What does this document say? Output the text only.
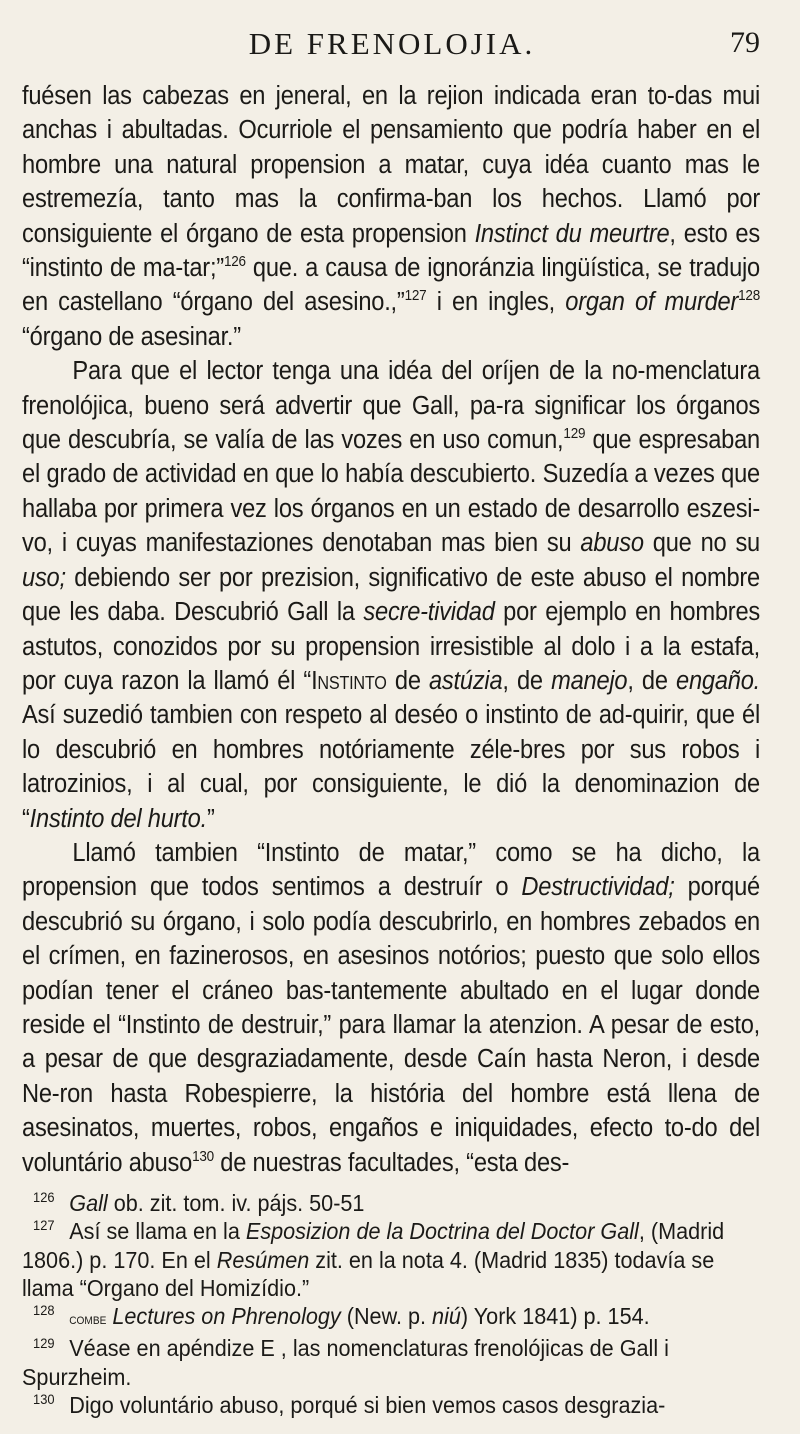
DE FRENOLOJIA.	79

fuésen las cabezas en jeneral, en la rejion indicada eran to-das mui anchas i abultadas. Ocurriole el pensamiento que podría haber en el hombre una natural propension a matar, cuya idéa cuanto mas le estremezía, tanto mas la confirma-ban los hechos. Llamó por consiguiente el órgano de esta propension Instinct du meurtre, esto es “instinto de ma-tar;”$^{126}$ que. a causa de ignoránzia lingüística, se tradujo en castellano “órgano del asesino.,”$^{127}$ i en ingles, organ of murder$^{128}$ “órgano de asesinar.”

Para que el lector tenga una idéa del oríjen de la no-menclatura frenolójica, bueno será advertir que Gall, pa-ra significar los órganos que descubría, se valía de las vozes en uso comun,$^{129}$ que espresaban el grado de actividad en que lo había descubierto. Suzedía a vezes que hallaba por primera vez los órganos en un estado de desarrollo eszesi-vo, i cuyas manifestaziones denotaban mas bien su abuso que no su uso; debiendo ser por prezision, significativo de este abuso el nombre que les daba. Descubrió Gall la secre-tividad por ejemplo en hombres astutos, conozidos por su propension irresistible al dolo i a la estafa, por cuya razon la llamó él “Instinto de astúzia, de manejo, de engaño. Así suzedió tambien con respeto al deséo o instinto de ad-quirir, que él lo descubrió en hombres notóriamente zéle-bres por sus robos i latrozinios, i al cual, por consiguiente, le dió la denominazion de “Instinto del hurto.”

Llamó tambien “Instinto de matar,” como se ha dicho, la propension que todos sentimos a destruír o Destructividad; porqué descubrió su órgano, i solo podía descubrirlo, en hombres zebados en el crímen, en fazinerosos, en asesinos notórios; puesto que solo ellos podían tener el cráneo bas-tantemente abultado en el lugar donde reside el “Instinto de destruir,” para llamar la atenzion. A pesar de esto, a pesar de que desgraziadamente, desde Caín hasta Neron, i desde Ne-ron hasta Robespierre, la história del hombre está llena de asesinatos, muertes, robos, engaños e iniquidades, efecto to-do del voluntário abuso$^{130}$ de nuestras facultades, “esta des-

$^{126}$ Gall ob. zit. tom. iv. pájs. 50-51

$^{127}$ Así se llama en la Esposizion de la Doctrina del Doctor Gall, (Madrid 1806.) p. 170. En el Resúmen zit. en la nota 4. (Madrid 1835) todavía se llama “Organo del Homizídio.”

$^{128}$combe Lectures on Phrenology (New. p. niú) York 1841) p. 154.

$^{129}$ Véase en apéndize E , las nomenclaturas frenolójicas de Gall i Spurzheim.

$^{130}$ Digo voluntário abuso, porqué si bien vemos casos desgrazia-
